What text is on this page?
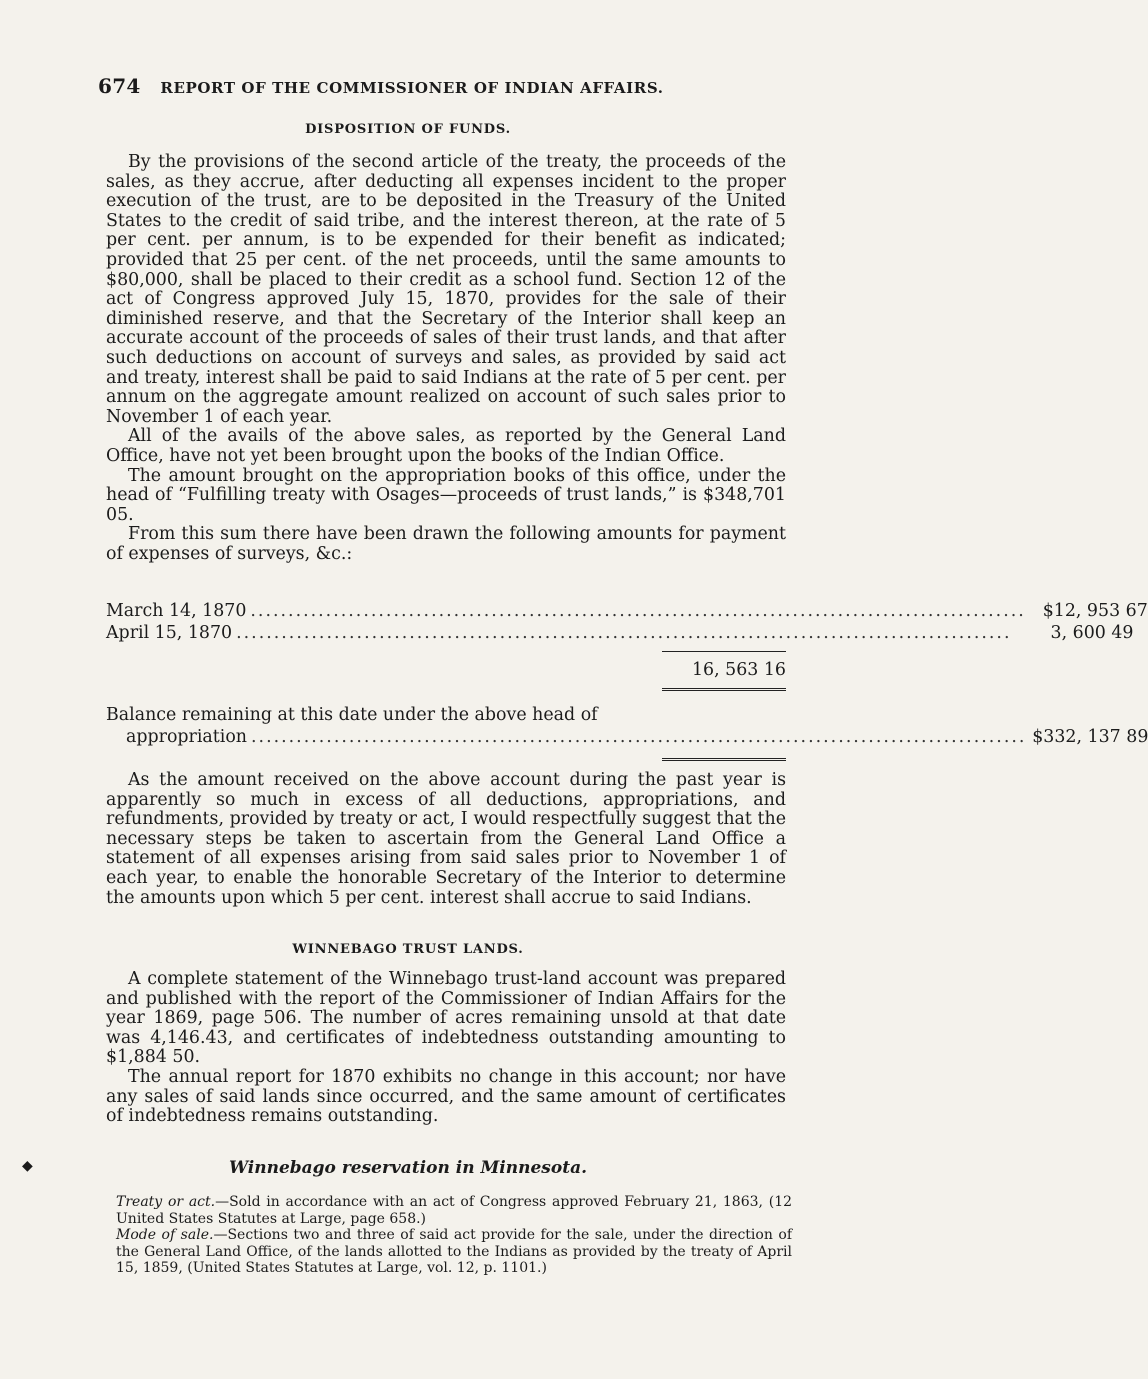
674 REPORT OF THE COMMISSIONER OF INDIAN AFFAIRS.
DISPOSITION OF FUNDS.

By the provisions of the second article of the treaty, the proceeds of the sales, as they accrue, after deducting all expenses incident to the proper execution of the trust, are to be deposited in the Treasury of the United States to the credit of said tribe, and the interest thereon, at the rate of 5 per cent. per annum, is to be expended for their benefit as indicated; provided that 25 per cent. of the net proceeds, until the same amounts to $80,000, shall be placed to their credit as a school fund. Section 12 of the act of Congress approved July 15, 1870, provides for the sale of their diminished reserve, and that the Secretary of the Interior shall keep an accurate account of the proceeds of sales of their trust lands, and that after such deductions on account of surveys and sales, as provided by said act and treaty, interest shall be paid to said Indians at the rate of 5 per cent. per annum on the aggregate amount realized on account of such sales prior to November 1 of each year.

All of the avails of the above sales, as reported by the General Land Office, have not yet been brought upon the books of the Indian Office.

The amount brought on the appropriation books of this office, under the head of “Fulfilling treaty with Osages—proceeds of trust lands,” is $348,701 05.

From this sum there have been drawn the following amounts for payment of expenses of surveys, &c.:

March 14, 1870 ....................................................................................................... $12, 953 67
April 15, 1870 .......................................................................................................	3, 600 49
16, 563 16
Balance remaining at this date under the above head of
appropriation ....................................................................................................... $332, 137 89

As the amount received on the above account during the past year is apparently so much in excess of all deductions, appropriations, and refundments, provided by treaty or act, I would respectfully suggest that the necessary steps be taken to ascertain from the General Land Office a statement of all expenses arising from said sales prior to November 1 of each year, to enable the honorable Secretary of the Interior to determine the amounts upon which 5 per cent. interest shall accrue to said Indians.

WINNEBAGO TRUST LANDS.

A complete statement of the Winnebago trust-land account was prepared and published with the report of the Commissioner of Indian Affairs for the year 1869, page 506. The number of acres remaining unsold at that date was 4,146.43, and certificates of indebtedness outstanding amounting to $1,884 50.

The annual report for 1870 exhibits no change in this account; nor have any sales of said lands since occurred, and the same amount of certificates of indebtedness remains outstanding.

Winnebago reservation in Minnesota.

Treaty or act.—Sold in accordance with an act of Congress approved February 21, 1863, (12 United States Statutes at Large, page 658.)

Mode of sale.—Sections two and three of said act provide for the sale, under the direction of the General Land Office, of the lands allotted to the Indians as provided by the treaty of April 15, 1859, (United States Statutes at Large, vol. 12, p. 1101.)

◆
